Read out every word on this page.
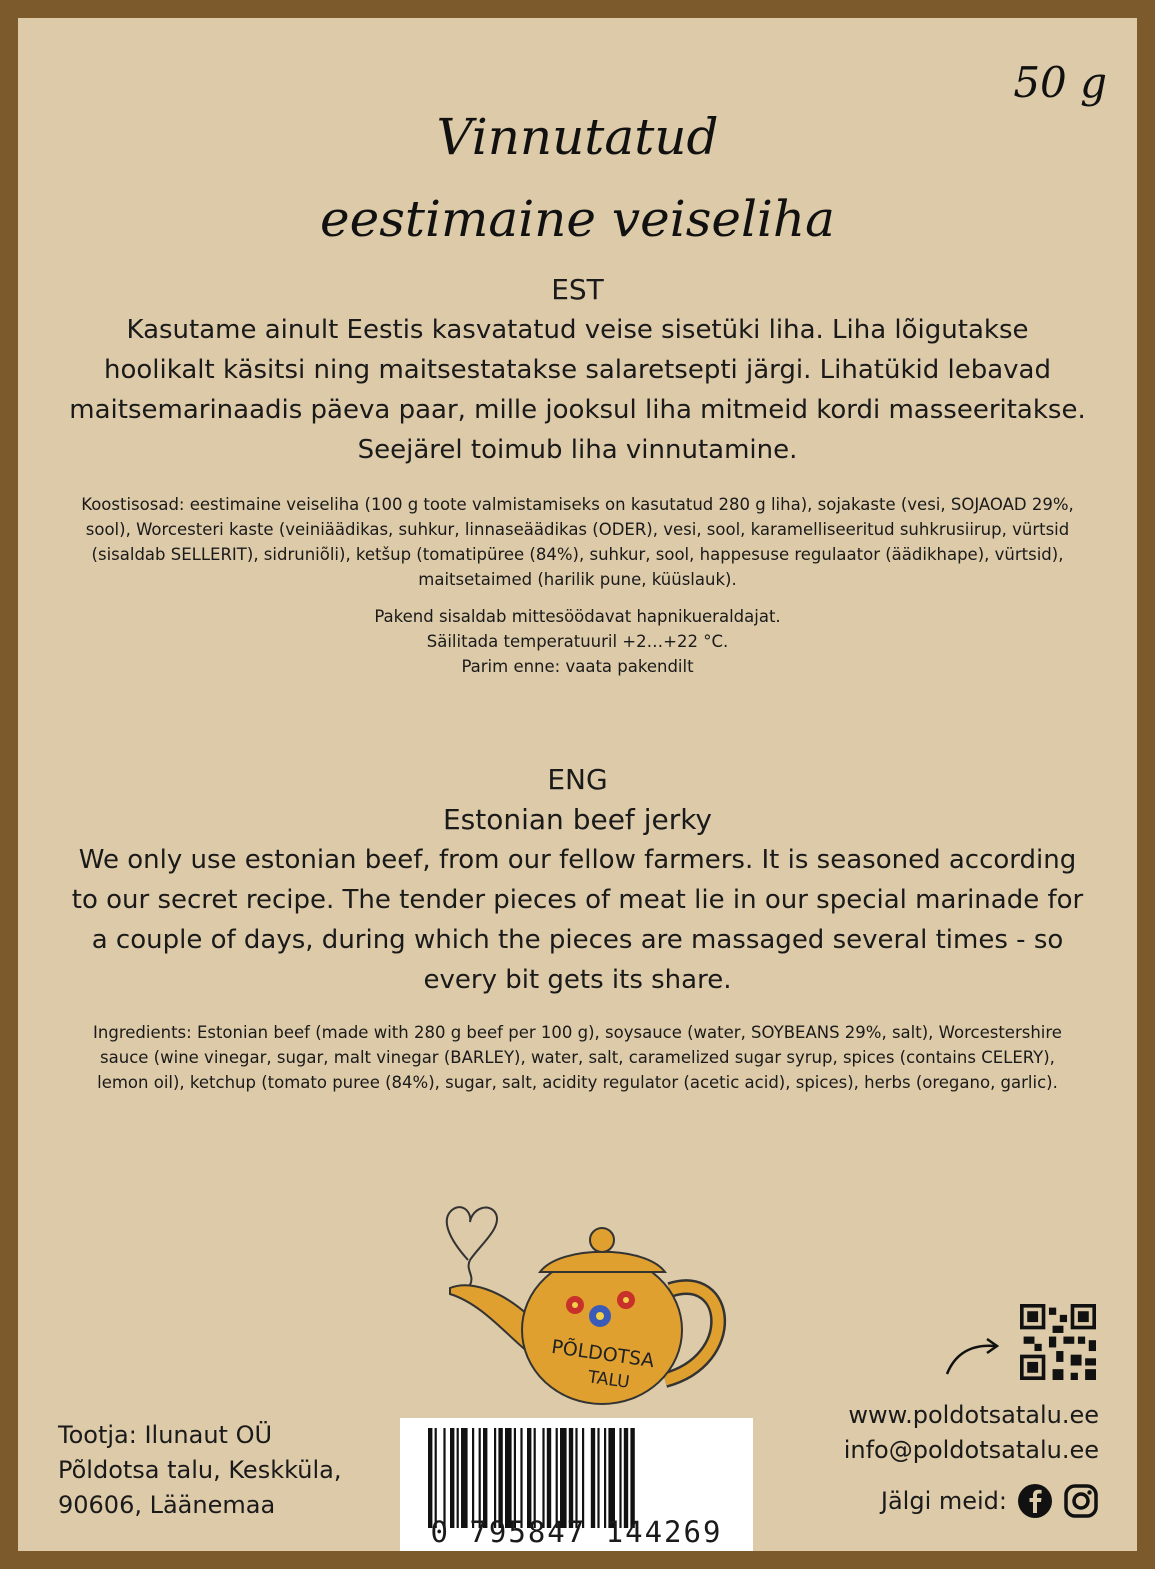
50 g
Vinnutatud
eestimaine veiseliha
EST
Kasutame ainult Eestis kasvatatud veise sisetüki liha. Liha lõigutakse hoolikalt käsitsi ning maitsestatakse salaretsepti järgi. Lihatükid lebavad maitsemarinaadis päeva paar, mille jooksul liha mitmeid kordi masseeritakse. Seejärel toimub liha vinnutamine.

Koostisosad: eestimaine veiseliha (100 g toote valmistamiseks on kasutatud 280 g liha), sojakaste (vesi, SOJAOAD 29%, sool), Worcesteri kaste (veiniäädikas, suhkur, linnaseäädikas (ODER), vesi, sool, karamelliseeritud suhkrusiirup, vürtsid (sisaldab SELLERIT), sidruniõli), ketšup (tomatipüree (84%), suhkur, sool, happesuse regulaator (äädikhape), vürtsid),

maitsetaimed (harilik pune, küüslauk).

Pakend sisaldab mittesöödavat hapnikueraldajat.

Säilitada temperatuuril +2…+22 °C.

Parim enne: vaata pakendilt

ENG
Estonian beef jerky
We only use estonian beef, from our fellow farmers. It is seasoned according to our secret recipe. The tender pieces of meat lie in our special marinade for a couple of days, during which the pieces are massaged several times - so every bit gets its share.

Ingredients: Estonian beef (made with 280 g beef per 100 g), soysauce (water, SOYBEANS 29%, salt), Worcestershire sauce (wine vinegar, sugar, malt vinegar (BARLEY), water, salt, caramelized sugar syrup, spices (contains CELERY), lemon oil), ketchup (tomato puree (84%), sugar, salt, acidity regulator (acetic acid), spices), herbs (oregano, garlic).

PÕLDOTSA
TALU
Tootja: Ilunaut OÜ
Põldotsa talu, Keskküla,
90606, Läänemaa
0 795847 144269
www.poldotsatalu.ee
info@poldotsatalu.ee
Jälgi meid:
